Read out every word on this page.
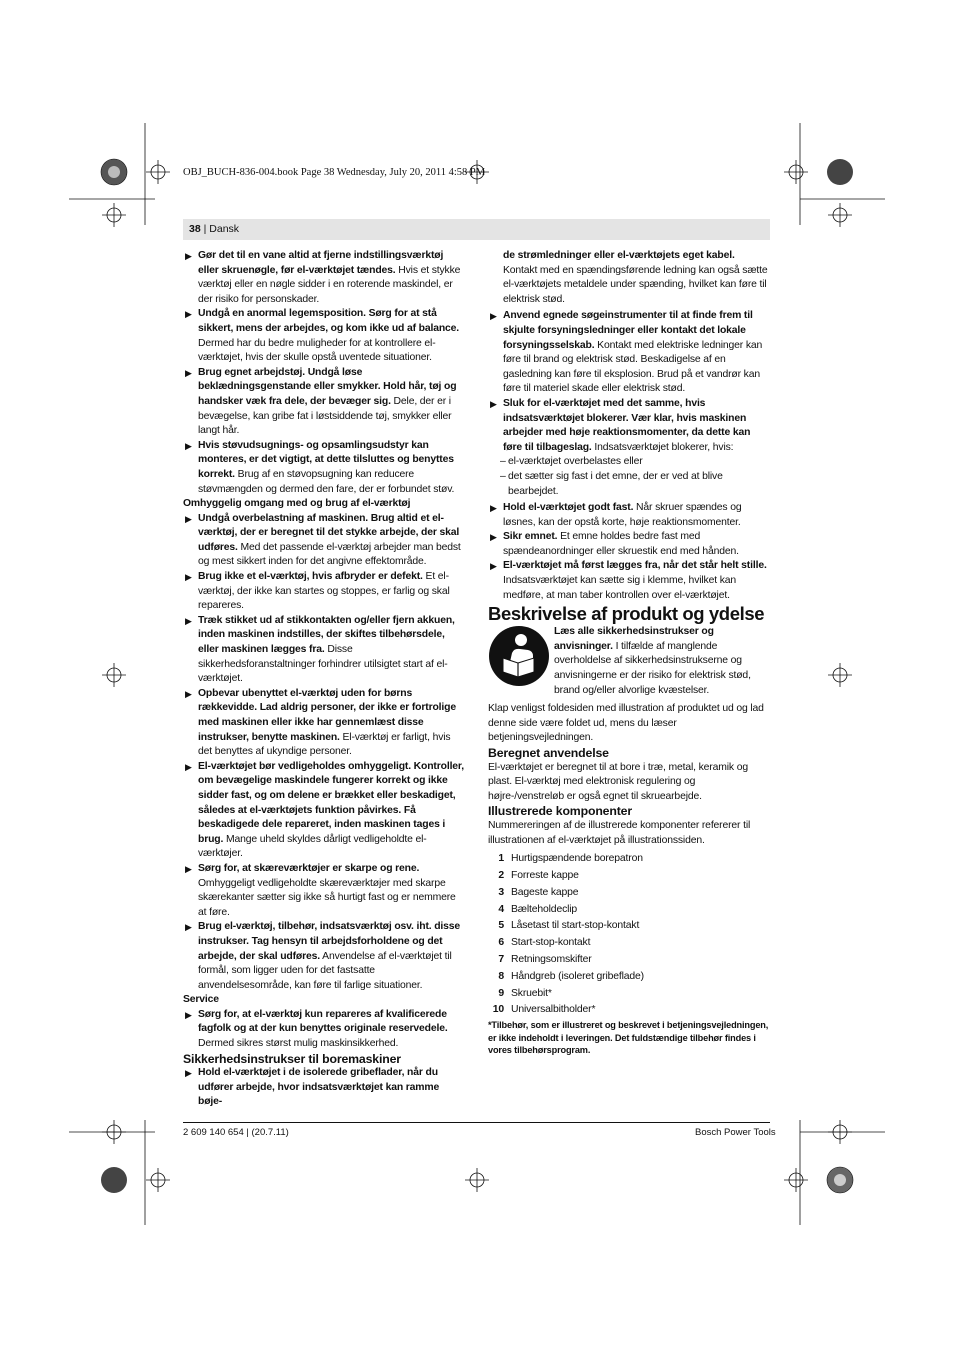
OBJ_BUCH-836-004.book Page 38 Wednesday, July 20, 2011 4:58 PM
38 | Dansk

▶ Gør det til en vane altid at fjerne indstillingsværktøj eller skruenøgle, før el-værktøjet tændes. Hvis et stykke værktøj eller en nøgle sidder i en roterende maskindel, er der risiko for personskader.

▶ Undgå en anormal legemsposition. Sørg for at stå sikkert, mens der arbejdes, og kom ikke ud af balance. Dermed har du bedre muligheder for at kontrollere el-værktøjet, hvis der skulle opstå uventede situationer.

▶ Brug egnet arbejdstøj. Undgå løse beklædningsgenstande eller smykker. Hold hår, tøj og handsker væk fra dele, der bevæger sig. Dele, der er i bevægelse, kan gribe fat i løstsiddende tøj, smykker eller langt hår.

▶ Hvis støvudsugnings- og opsamlingsudstyr kan monteres, er det vigtigt, at dette tilsluttes og benyttes korrekt. Brug af en støvopsugning kan reducere støvmængden og dermed den fare, der er forbundet støv.

Omhyggelig omgang med og brug af el-værktøj

▶ Undgå overbelastning af maskinen. Brug altid et el-værktøj, der er beregnet til det stykke arbejde, der skal udføres. Med det passende el-værktøj arbejder man bedst og mest sikkert inden for det angivne effektområde.

▶ Brug ikke et el-værktøj, hvis afbryder er defekt. Et el-værktøj, der ikke kan startes og stoppes, er farlig og skal repareres.

▶ Træk stikket ud af stikkontakten og/eller fjern akkuen, inden maskinen indstilles, der skiftes tilbehørsdele, eller maskinen lægges fra. Disse sikkerhedsforanstaltninger forhindrer utilsigtet start af el-værktøjet.

▶ Opbevar ubenyttet el-værktøj uden for børns rækkevidde. Lad aldrig personer, der ikke er fortrolige med maskinen eller ikke har gennemlæst disse instrukser, benytte maskinen. El-værktøj er farligt, hvis det benyttes af ukyndige personer.

▶ El-værktøjet bør vedligeholdes omhyggeligt. Kontroller, om bevægelige maskindele fungerer korrekt og ikke sidder fast, og om delene er brækket eller beskadiget, således at el-værktøjets funktion påvirkes. Få beskadigede dele repareret, inden maskinen tages i brug. Mange uheld skyldes dårligt vedligeholdte el-værktøjer.

▶ Sørg for, at skæreværktøjer er skarpe og rene. Omhyggeligt vedligeholdte skæreværktøjer med skarpe skærekanter sætter sig ikke så hurtigt fast og er nemmere at føre.

▶ Brug el-værktøj, tilbehør, indsatsværktøj osv. iht. disse instrukser. Tag hensyn til arbejdsforholdene og det arbejde, der skal udføres. Anvendelse af el-værktøjet til formål, som ligger uden for det fastsatte anvendelsesområde, kan føre til farlige situationer.

Service

▶ Sørg for, at el-værktøj kun repareres af kvalificerede fagfolk og at der kun benyttes originale reservedele. Dermed sikres størst mulig maskinsikkerhed.

Sikkerhedsinstrukser til boremaskiner

▶ Hold el-værktøjet i de isolerede gribeflader, når du udfører arbejde, hvor indsatsværktøjet kan ramme bøje-

de strømledninger eller el-værktøjets eget kabel. Kontakt med en spændingsførende ledning kan også sætte el-værktøjets metaldele under spænding, hvilket kan føre til elektrisk stød.

▶ Anvend egnede søgeinstrumenter til at finde frem til skjulte forsyningsledninger eller kontakt det lokale forsyningsselskab. Kontakt med elektriske ledninger kan føre til brand og elektrisk stød. Beskadigelse af en gasledning kan føre til eksplosion. Brud på et vandrør kan føre til materiel skade eller elektrisk stød.

▶ Sluk for el-værktøjet med det samme, hvis indsatsværktøjet blokerer. Vær klar, hvis maskinen arbejder med høje reaktionsmomenter, da dette kan føre til tilbageslag. Indsatsværktøjet blokerer, hvis:

– el-værktøjet overbelastes eller

– det sætter sig fast i det emne, der er ved at blive bearbejdet.

▶ Hold el-værktøjet godt fast. Når skruer spændes og løsnes, kan der opstå korte, høje reaktionsmomenter.

▶ Sikr emnet. Et emne holdes bedre fast med spændeanordninger eller skruestik end med hånden.

▶ El-værktøjet må først lægges fra, når det står helt stille. Indsatsværktøjet kan sætte sig i klemme, hvilket kan medføre, at man taber kontrollen over el-værktøjet.

Beskrivelse af produkt og ydelse

Læs alle sikkerhedsinstrukser og anvisninger. I tilfælde af manglende overholdelse af sikkerhedsinstrukserne og anvisningerne er der risiko for elektrisk stød, brand og/eller alvorlige kvæstelser.

Klap venligst foldesiden med illustration af produktet ud og lad denne side være foldet ud, mens du læser betjeningsvejledningen.

Beregnet anvendelse

El-værktøjet er beregnet til at bore i træ, metal, keramik og plast. El-værktøj med elektronisk regulering og højre-/venstreløb er også egnet til skruearbejde.

Illustrerede komponenter

Nummereringen af de illustrerede komponenter refererer til illustrationen af el-værktøjet på illustrationssiden.

1 Hurtigspændende borepatron
2 Forreste kappe
3 Bageste kappe
4 Bælteholdeclip
5 Låsetast til start-stop-kontakt
6 Start-stop-kontakt
7 Retningsomskifter
8 Håndgreb (isoleret gribeflade)
9 Skruebit*
10 Universalbitholder*

*Tilbehør, som er illustreret og beskrevet i betjeningsvejledningen, er ikke indeholdt i leveringen. Det fuldstændige tilbehør findes i vores tilbehørsprogram.

2 609 140 654 | (20.7.11)	Bosch Power Tools
